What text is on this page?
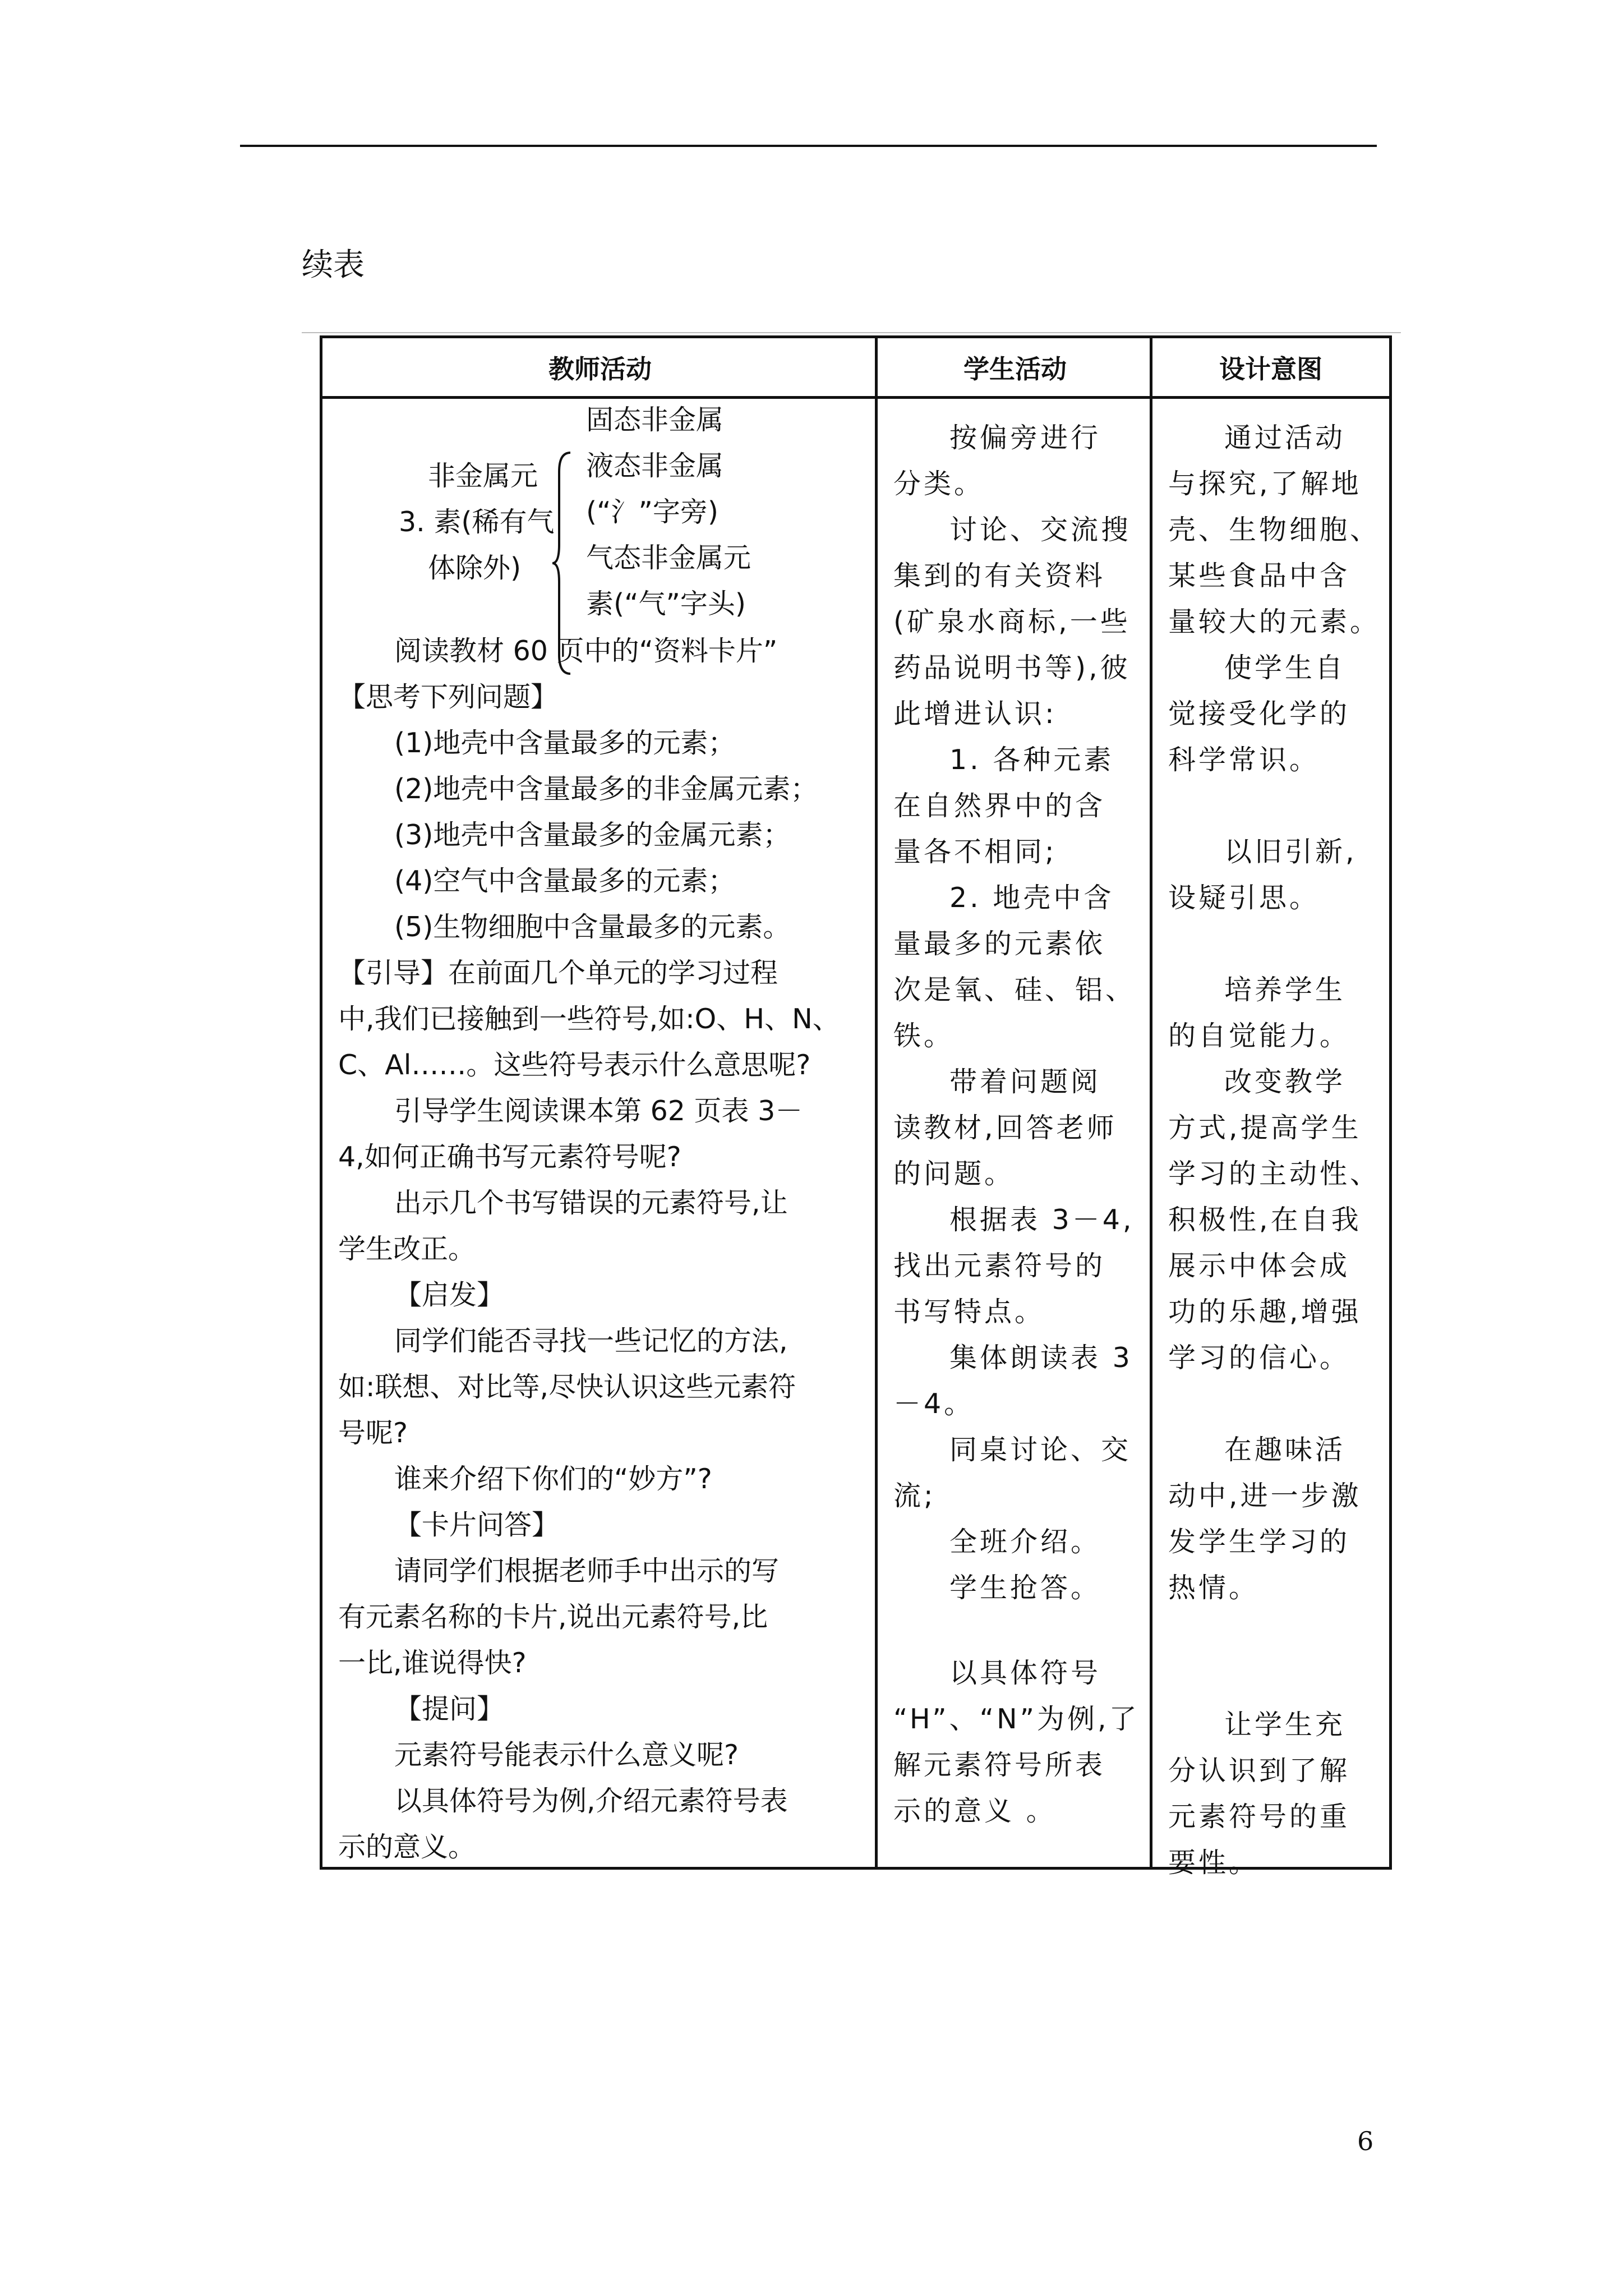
续表
教师活动	学生活动	设计意图
非金属元
3. 素(稀有气
体除外)
固态非金属
液态非金属
(“氵”字旁)
气态非金属元
素(“气”字头)
阅读教材 60 页中的“资料卡片”
【思考下列问题】
(1)地壳中含量最多的元素；
(2)地壳中含量最多的非金属元素；
(3)地壳中含量最多的金属元素；
(4)空气中含量最多的元素；
(5)生物细胞中含量最多的元素。
【引导】在前面几个单元的学习过程
中,我们已接触到一些符号,如:O、H、N、
C、Al……。这些符号表示什么意思呢?
引导学生阅读课本第 62 页表 3－
4,如何正确书写元素符号呢?
出示几个书写错误的元素符号,让
学生改正。
【启发】
同学们能否寻找一些记忆的方法,
如:联想、对比等,尽快认识这些元素符
号呢?
谁来介绍下你们的“妙方”?
【卡片问答】
请同学们根据老师手中出示的写
有元素名称的卡片,说出元素符号,比
一比,谁说得快?
【提问】
元素符号能表示什么意义呢?
以具体符号为例,介绍元素符号表
示的意义。
按偏旁进行
分类。
讨论、交流搜
集到的有关资料
(矿泉水商标,一些
药品说明书等),彼
此增进认识:
1. 各种元素
在自然界中的含
量各不相同;
2. 地壳中含
量最多的元素依
次是氧、硅、铝、
铁。
带着问题阅
读教材,回答老师
的问题。
根据表 3－4,
找出元素符号的
书写特点。
集体朗读表 3
－4。
同桌讨论、交
流;
全班介绍。
学生抢答。
以具体符号
“H”、“N”为例,了
解元素符号所表
示的意义 。
通过活动
与探究,了解地
壳、生物细胞、
某些食品中含
量较大的元素。
使学生自
觉接受化学的
科学常识。
以旧引新,
设疑引思。
培养学生
的自觉能力。
改变教学
方式,提高学生
学习的主动性、
积极性,在自我
展示中体会成
功的乐趣,增强
学习的信心。
在趣味活
动中,进一步激
发学生学习的
热情。
让学生充
分认识到了解
元素符号的重
要性。
6
